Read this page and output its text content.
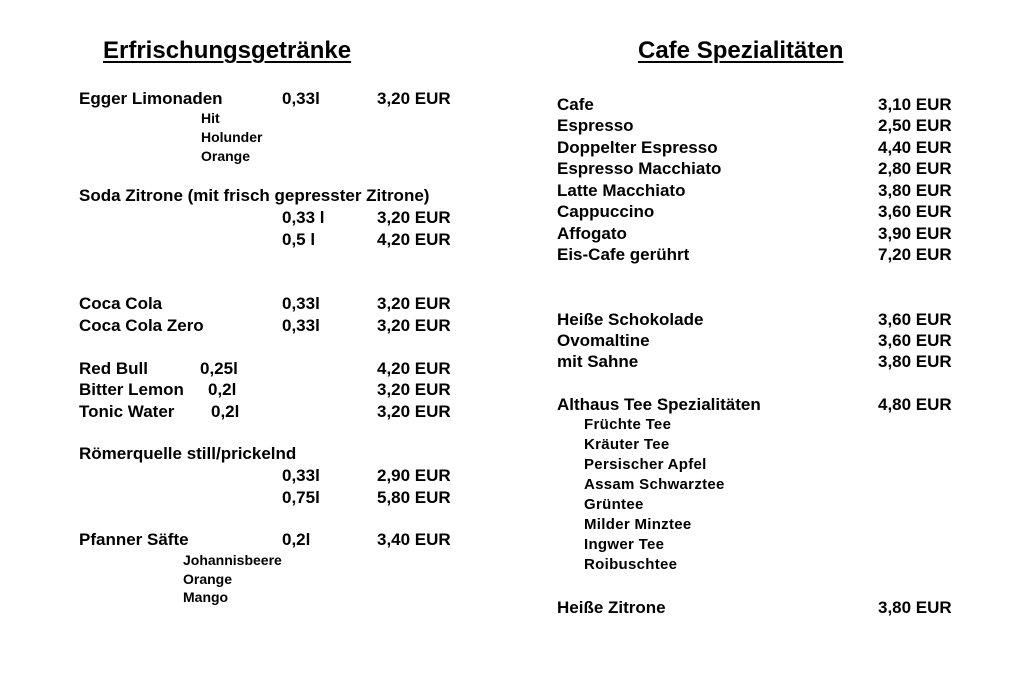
Erfrischungsgetränke
Egger Limonaden	0,33l	3,20 EUR
Hit
Holunder
Orange
Soda Zitrone (mit frisch gepresster Zitrone)
0,33 l	3,20 EUR
0,5 l	4,20 EUR
Coca Cola	0,33l	3,20 EUR
Coca Cola Zero	0,33l	3,20 EUR
Red Bull	0,25l	4,20 EUR
Bitter Lemon 0,2l	3,20 EUR
Tonic Water 0,2l	3,20 EUR
Römerquelle still/prickelnd
0,33l	2,90 EUR
0,75l	5,80 EUR
Pfanner Säfte	0,2l	3,40 EUR
Johannisbeere
Orange
Mango
Cafe Spezialitäten
Cafe	3,10 EUR
Espresso	2,50 EUR
Doppelter Espresso	4,40 EUR
Espresso Macchiato	2,80 EUR
Latte Macchiato	3,80 EUR
Cappuccino	3,60 EUR
Affogato	3,90 EUR
Eis-Cafe gerührt	7,20 EUR
Heiße Schokolade	3,60 EUR
Ovomaltine	3,60 EUR
mit Sahne	3,80 EUR
Althaus Tee Spezialitäten	4,80 EUR
Früchte Tee
Kräuter Tee
Persischer Apfel
Assam Schwarztee
Grüntee
Milder Minztee
Ingwer Tee
Roibuschtee
Heiße Zitrone	3,80 EUR
